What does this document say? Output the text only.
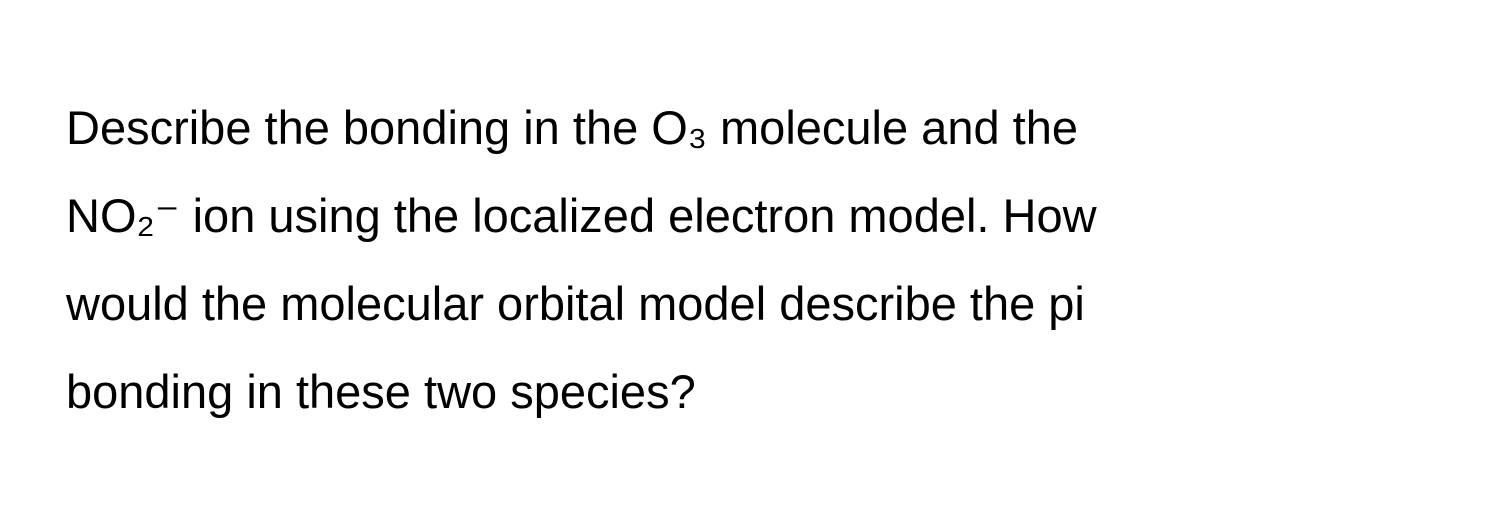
Describe the bonding in the O₃ molecule and the
NO₂⁻ ion using the localized electron model. How
would the molecular orbital model describe the pi
bonding in these two species?
